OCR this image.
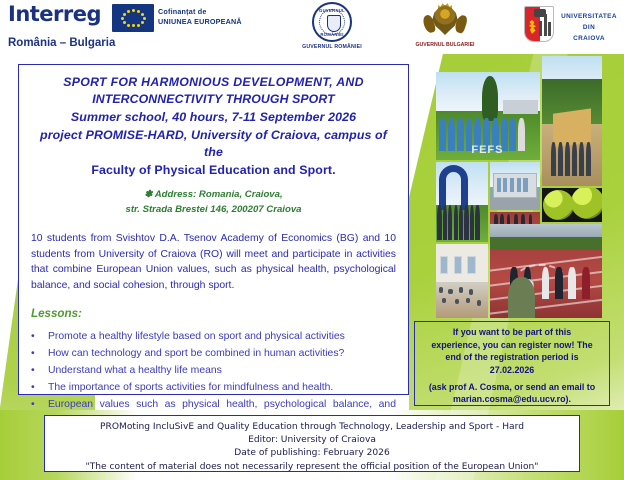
Interreg
România – Bulgaria
Cofinanțat de
UNIUNEA EUROPEANĂ
GUVERNUL
ROMÂNIEI
GUVERNUL ROMÂNIEI	GUVERNUL BULGARIEI
UNIVERSITATEA
DIN
CRAIOVA
FEFS
SPORT FOR HARMONIOUS DEVELOPMENT, AND
INTERCONNECTIVITY THROUGH SPORT
Summer school, 40 hours, 7-11 September 2026
project PROMISE-HARD, University of Craiova, campus of the
Faculty of Physical Education and Sport.
✽ Address: Romania, Craiova,
str. Strada Brestei 146, 200207 Craiova
10 students from Svishtov D.A. Tsenov Academy of Economics (BG) and 10 students from University of Craiova (RO) will meet and participate in activities that combine European Union values, such as physical health, psychological balance, and social cohesion, through sport.
Lessons:
•	Promote a healthy lifestyle based on sport and physical activities
•	How can technology and sport be combined in human activities?
•	Understand what a healthy life means
•	The importance of sports activities for mindfulness and health.
•	European values such as physical health, psychological balance, and
If you want to be part of this
experience, you can register now! The
end of the registration period is
27.02.2026
(ask prof A. Cosma, or send an email to
marian.cosma@edu.ucv.ro).
PROMoting IncluSivE and Quality Education through Technology, Leadership and Sport - Hard
Editor: University of Craiova
Date of publishing: February 2026
"The content of material does not necessarily represent the official position of the European Union"
